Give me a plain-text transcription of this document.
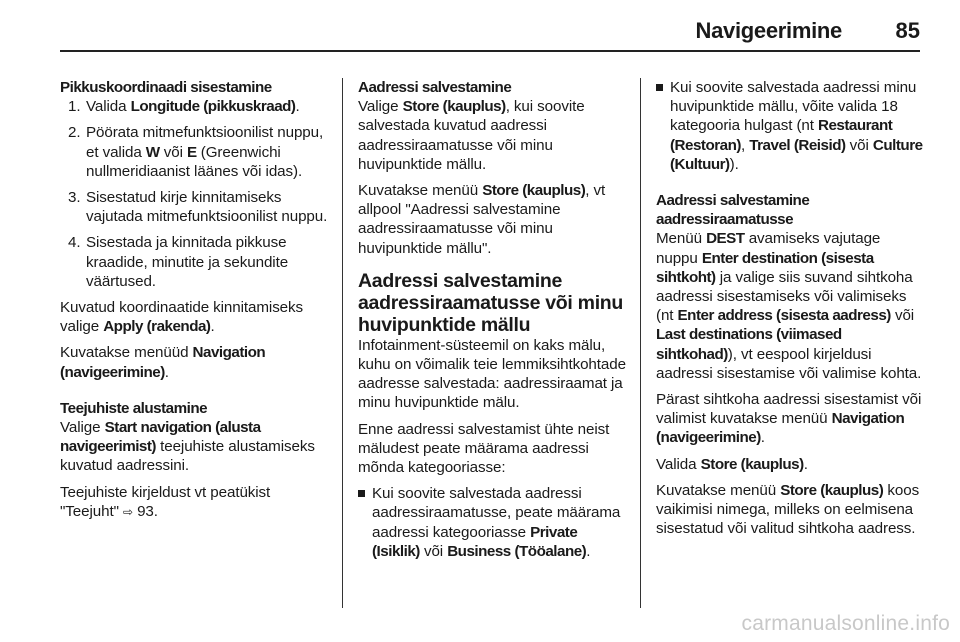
Navigeerimine 85

Pikkuskoordinaadi sisestamine

1. Valida Longitude (pikkuskraad).
2. Pöörata mitmefunktsioonilist nuppu, et valida W või E (Greenwichi nullmeridiaanist läänes või idas).
3. Sisestatud kirje kinnitamiseks vajutada mitmefunktsioonilist nuppu.
4. Sisestada ja kinnitada pikkuse kraadide, minutite ja sekundite väärtused.

Kuvatud koordinaatide kinnitamiseks valige Apply (rakenda).

Kuvatakse menüüd Navigation (navigeerimine).

Teejuhiste alustamine

Valige Start navigation (alusta navigeerimist) teejuhiste alustamiseks kuvatud aadressini.

Teejuhiste kirjeldust vt peatükist "Teejuht" ⇨ 93.

Aadressi salvestamine

Valige Store (kauplus), kui soovite salvestada kuvatud aadressi aadressiraamatusse või minu huvipunktide mällu.

Kuvatakse menüü Store (kauplus), vt allpool "Aadressi salvestamine aadressiraamatusse või minu huvipunktide mällu".

Aadressi salvestamine aadressiraamatusse või minu huvipunktide mällu

Infotainment-süsteemil on kaks mälu, kuhu on võimalik teie lemmiksihtkohtade aadresse salvestada: aadressiraamat ja minu huvipunktide mälu.

Enne aadressi salvestamist ühte neist mäludest peate määrama aadressi mõnda kategooriasse:

Kui soovite salvestada aadressi aadressiraamatusse, peate määrama aadressi kategooriasse Private (Isiklik) või Business (Tööalane).
Kui soovite salvestada aadressi minu huvipunktide mällu, võite valida 18 kategooria hulgast (nt Restaurant (Restoran), Travel (Reisid) või Culture (Kultuur)).

Aadressi salvestamine aadressiraamatusse

Menüü DEST avamiseks vajutage nuppu Enter destination (sisesta sihtkoht) ja valige siis suvand sihtkoha aadressi sisestamiseks või valimiseks (nt Enter address (sisesta aadress) või Last destinations (viimased sihtkohad)), vt eespool kirjeldusi aadressi sisestamise või valimise kohta.

Pärast sihtkoha aadressi sisestamist või valimist kuvatakse menüü Navigation (navigeerimine).

Valida Store (kauplus).

Kuvatakse menüü Store (kauplus) koos vaikimisi nimega, milleks on eelmisena sisestatud või valitud sihtkoha aadress.

carmanualsonline.info
